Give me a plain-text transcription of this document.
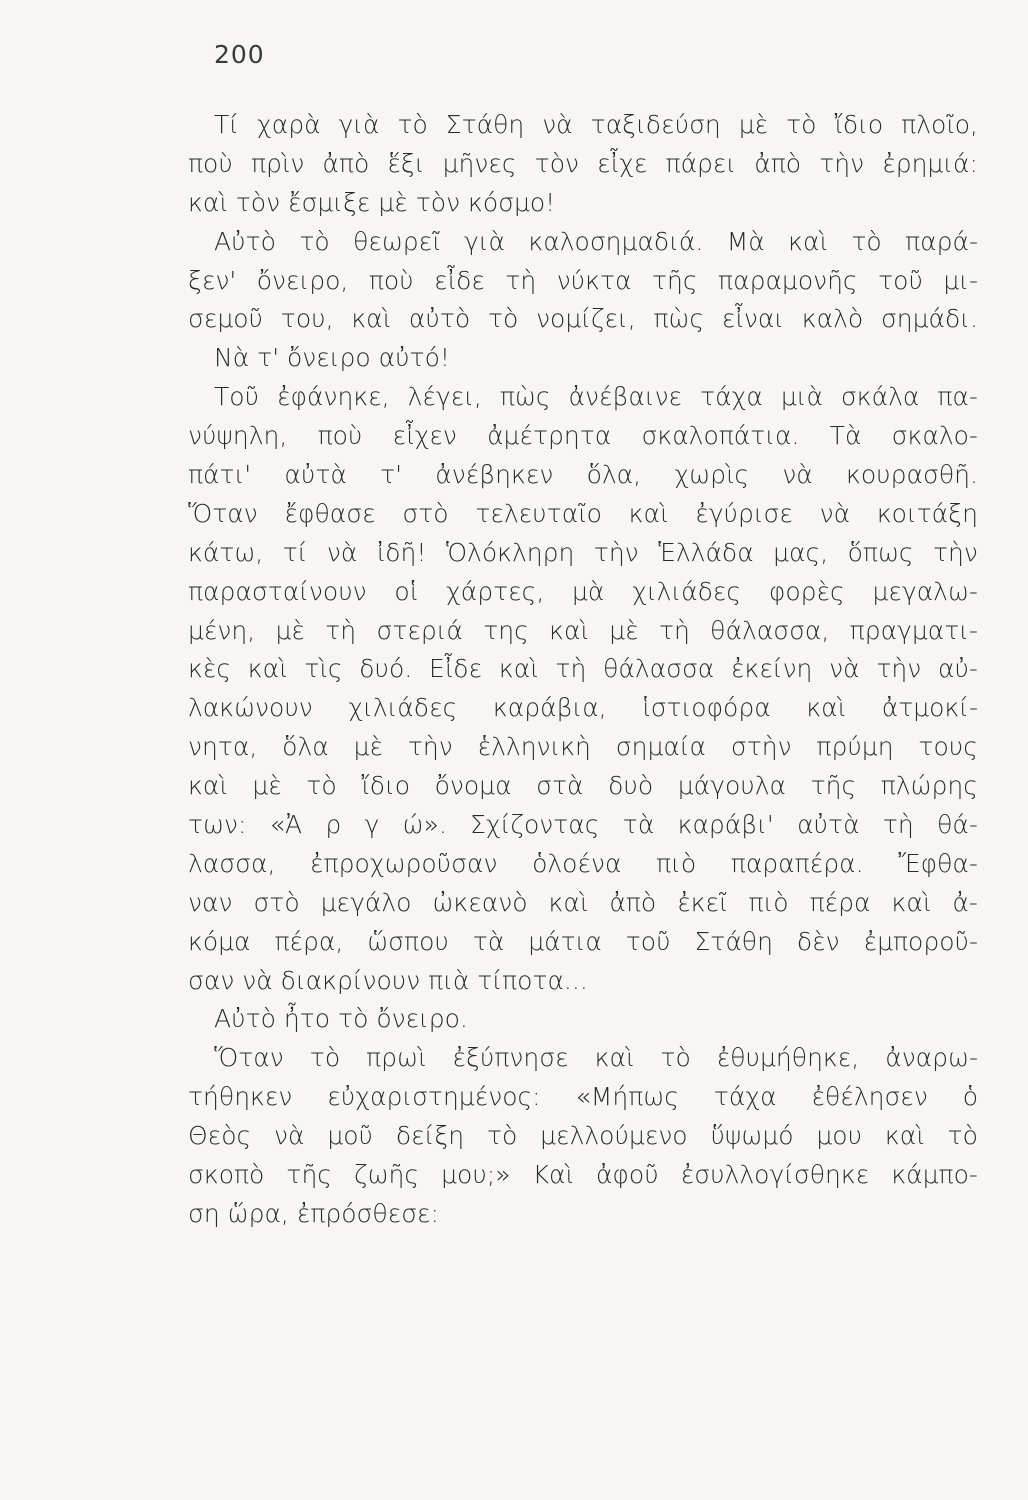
200
Τί χαρὰ γιὰ τὸ Στάθη νὰ ταξιδεύση μὲ τὸ ἴδιο πλοῖο,
ποὺ πρὶν ἀπὸ ἕξι μῆνες τὸν εἶχε πάρει ἀπὸ τὴν ἐρημιά:
καὶ τὸν ἔσμιξε μὲ τὸν κόσμο!
Αὐτὸ τὸ θεωρεῖ γιὰ καλοσημαδιά. Μὰ καὶ τὸ παρά-
ξεν' ὄνειρο, ποὺ εἶδε τὴ νύκτα τῆς παραμονῆς τοῦ μι-
σεμοῦ του, καὶ αὐτὸ τὸ νομίζει, πὼς εἶναι καλὸ σημάδι.
Νὰ τ' ὄνειρο αὐτό!
Τοῦ ἐφάνηκε, λέγει, πὼς ἀνέβαινε τάχα μιὰ σκάλα πα-
νύψηλη, ποὺ εἶχεν ἀμέτρητα σκαλοπάτια. Τὰ σκαλο-
πάτι' αὐτὰ τ' ἀνέβηκεν ὅλα, χωρὶς νὰ κουρασθῆ.
Ὅταν ἔφθασε στὸ τελευταῖο καὶ ἐγύρισε νὰ κοιτάξη
κάτω, τί νὰ ἰδῆ! Ὁλόκληρη τὴν Ἑλλάδα μας, ὅπως τὴν
παρασταίνουν οἱ χάρτες, μὰ χιλιάδες φορὲς μεγαλω-
μένη, μὲ τὴ στεριά της καὶ μὲ τὴ θάλασσα, πραγματι-
κὲς καὶ τὶς δυό. Εἶδε καὶ τὴ θάλασσα ἐκείνη νὰ τὴν αὐ-
λακώνουν χιλιάδες καράβια, ἱστιοφόρα καὶ ἀτμοκί-
νητα, ὅλα μὲ τὴν ἑλληνικὴ σημαία στὴν πρύμη τους
καὶ μὲ τὸ ἴδιο ὄνομα στὰ δυὸ μάγουλα τῆς πλώρης
των: «Ἀ ρ γ ώ». Σχίζοντας τὰ καράβι' αὐτὰ τὴ θά-
λασσα, ἐπροχωροῦσαν ὁλοένα πιὸ παραπέρα. Ἔφθα-
ναν στὸ μεγάλο ὠκεανὸ καὶ ἀπὸ ἐκεῖ πιὸ πέρα καὶ ἀ-
κόμα πέρα, ὥσπου τὰ μάτια τοῦ Στάθη δὲν ἐμποροῦ-
σαν νὰ διακρίνουν πιὰ τίποτα...
Αὐτὸ ἦτο τὸ ὄνειρο.
Ὅταν τὸ πρωὶ ἐξύπνησε καὶ τὸ ἐθυμήθηκε, ἀναρω-
τήθηκεν εὐχαριστημένος: «Μήπως τάχα ἐθέλησεν ὁ
Θεὸς νὰ μοῦ δείξη τὸ μελλούμενο ὕψωμό μου καὶ τὸ
σκοπὸ τῆς ζωῆς μου;» Καὶ ἀφοῦ ἐσυλλογίσθηκε κάμπο-
ση ὥρα, ἐπρόσθεσε:
